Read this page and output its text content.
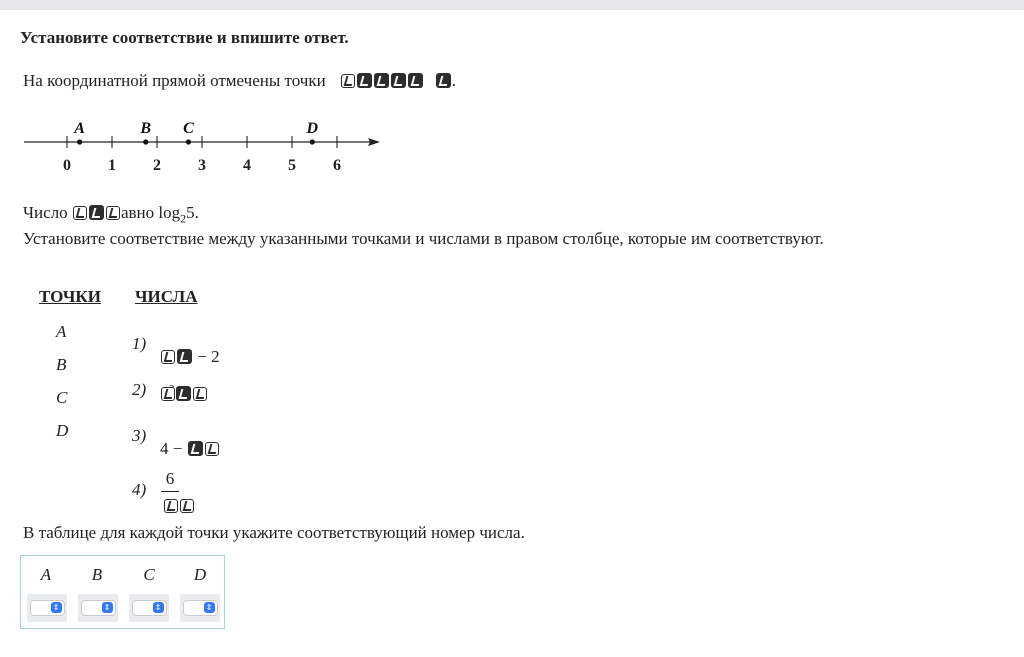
Установите соответствие и впишите ответ.
На координатной прямой отмечены точки	.
0 1 2 3 4 5 6
A	B C	D
Число	авно $\log_25$.
Установите соответствие между указанными точками и числами в правом столбце, которые им соответствуют.
ТОЧКИ ЧИСЛА
A
B
C
D
1)
− 2
2)
3)
4 −
4)
6
В таблице для каждой точки укажите соответствующий номер числа.
A	B	C	D
⇕	⇕	⇕	⇕
